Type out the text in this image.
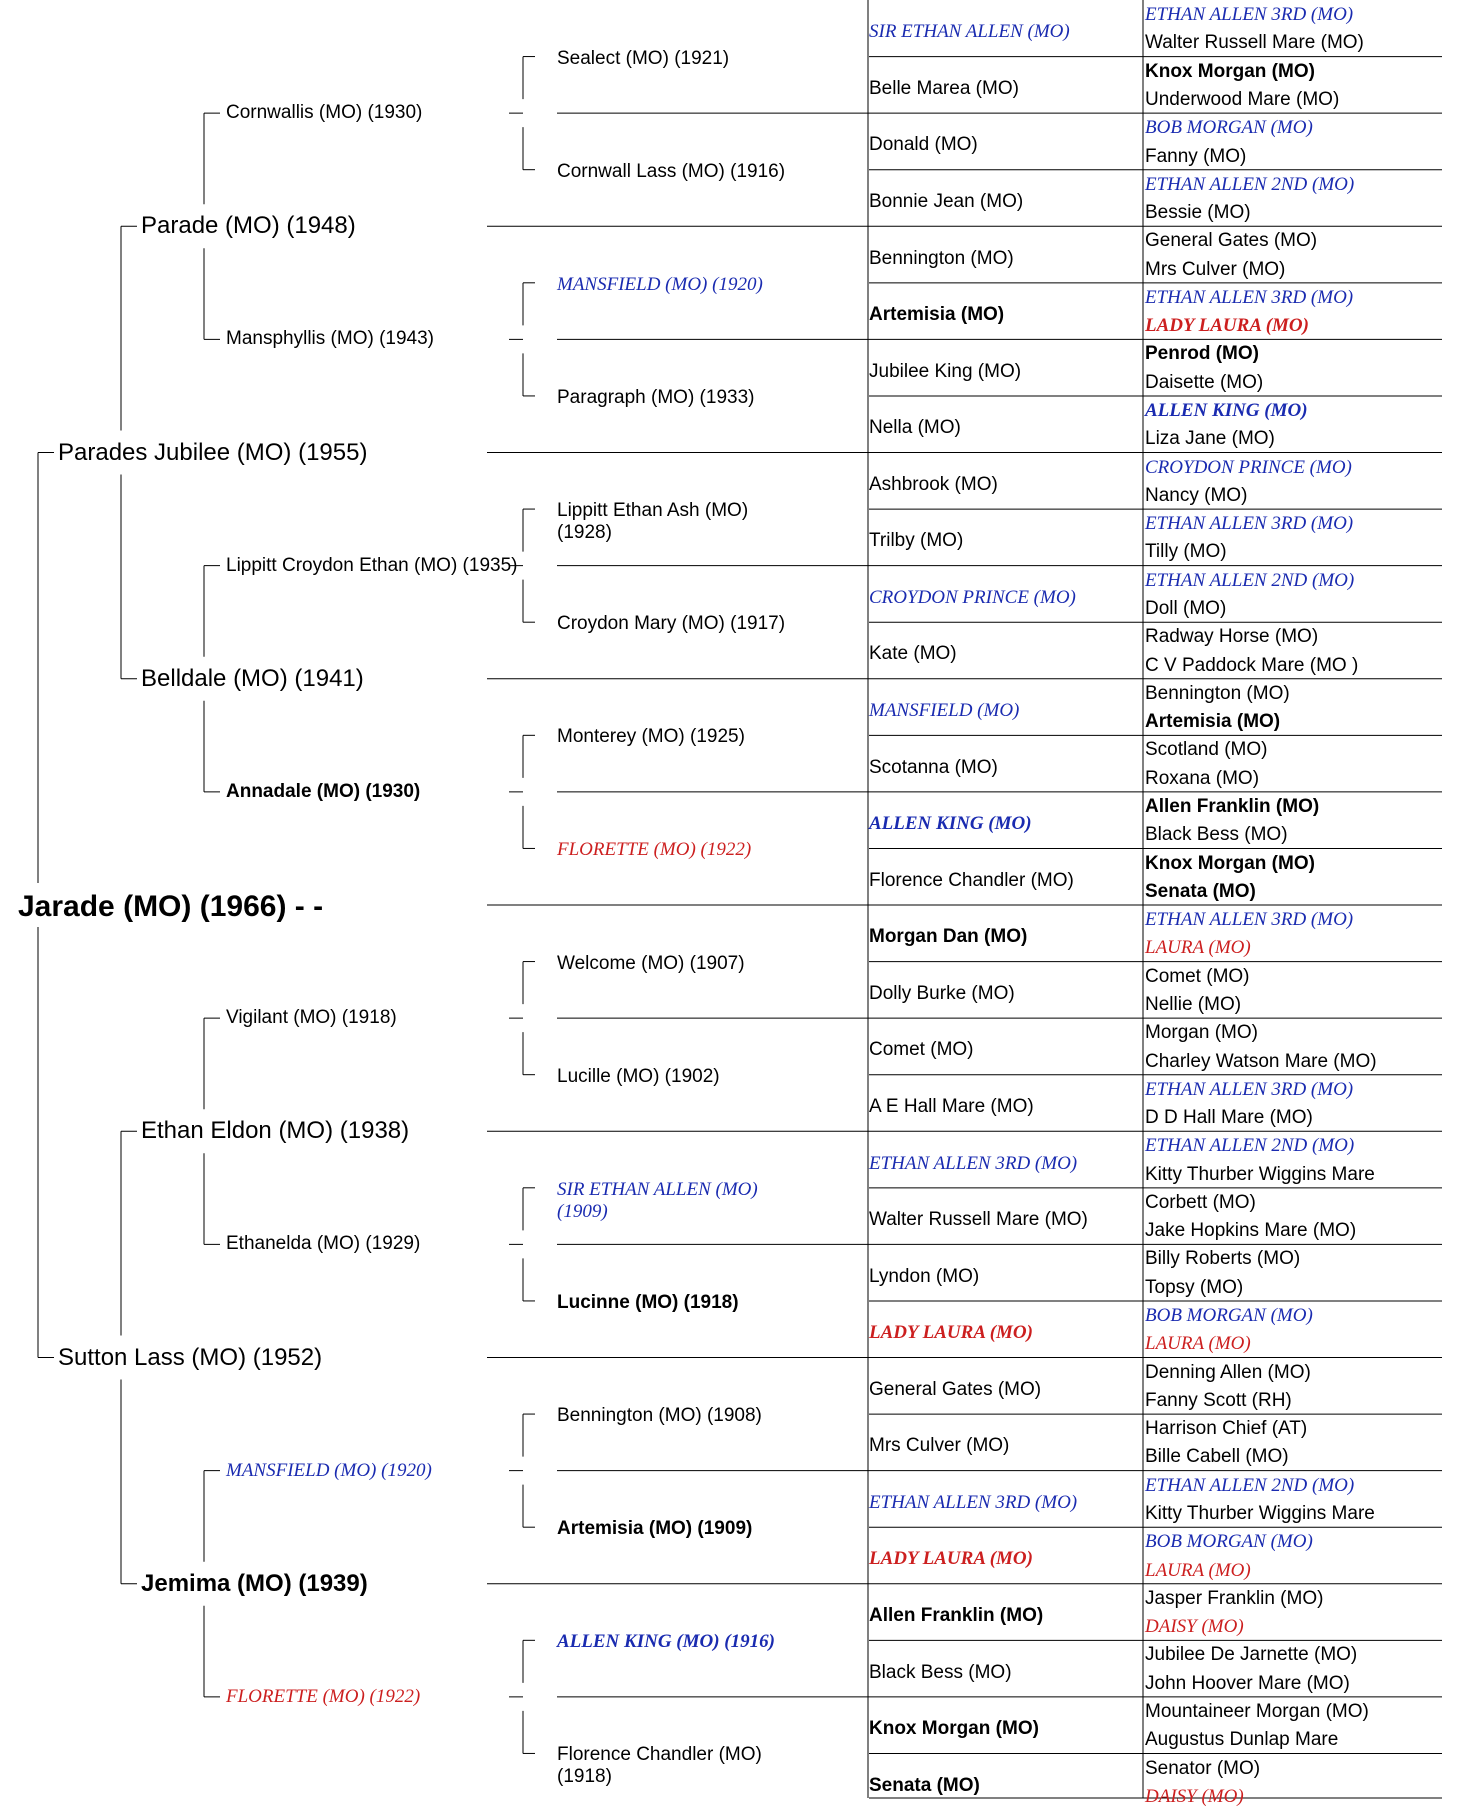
Jarade (MO) (1966) - -
Parades Jubilee (MO) (1955)
Sutton Lass (MO) (1952)
Parade (MO) (1948)
Belldale (MO) (1941)
Ethan Eldon (MO) (1938)
Jemima (MO) (1939)
Cornwallis (MO) (1930)
Mansphyllis (MO) (1943)
Lippitt Croydon Ethan (MO) (1935)
Annadale (MO) (1930)
Vigilant (MO) (1918)
Ethanelda (MO) (1929)
MANSFIELD (MO) (1920)
FLORETTE (MO) (1922)
Sealect (MO) (1921)
Cornwall Lass (MO) (1916)
MANSFIELD (MO) (1920)
Paragraph (MO) (1933)
Lippitt Ethan Ash (MO)
(1928)
Croydon Mary (MO) (1917)
Monterey (MO) (1925)
FLORETTE (MO) (1922)
Welcome (MO) (1907)
Lucille (MO) (1902)
SIR ETHAN ALLEN (MO)
(1909)
Lucinne (MO) (1918)
Bennington (MO) (1908)
Artemisia (MO) (1909)
ALLEN KING (MO) (1916)
Florence Chandler (MO)
(1918)
SIR ETHAN ALLEN (MO)
Belle Marea (MO)
Donald (MO)
Bonnie Jean (MO)
Bennington (MO)
Artemisia (MO)
Jubilee King (MO)
Nella (MO)
Ashbrook (MO)
Trilby (MO)
CROYDON PRINCE (MO)
Kate (MO)
MANSFIELD (MO)
Scotanna (MO)
ALLEN KING (MO)
Florence Chandler (MO)
Morgan Dan (MO)
Dolly Burke (MO)
Comet (MO)
A E Hall Mare (MO)
ETHAN ALLEN 3RD (MO)
Walter Russell Mare (MO)
Lyndon (MO)
LADY LAURA (MO)
General Gates (MO)
Mrs Culver (MO)
ETHAN ALLEN 3RD (MO)
LADY LAURA (MO)
Allen Franklin (MO)
Black Bess (MO)
Knox Morgan (MO)
Senata (MO)
ETHAN ALLEN 3RD (MO)
Walter Russell Mare (MO)
Knox Morgan (MO)
Underwood Mare (MO)
BOB MORGAN (MO)
Fanny (MO)
ETHAN ALLEN 2ND (MO)
Bessie (MO)
General Gates (MO)
Mrs Culver (MO)
ETHAN ALLEN 3RD (MO)
LADY LAURA (MO)
Penrod (MO)
Daisette (MO)
ALLEN KING (MO)
Liza Jane (MO)
CROYDON PRINCE (MO)
Nancy (MO)
ETHAN ALLEN 3RD (MO)
Tilly (MO)
ETHAN ALLEN 2ND (MO)
Doll (MO)
Radway Horse (MO)
C V Paddock Mare (MO )
Bennington (MO)
Artemisia (MO)
Scotland (MO)
Roxana (MO)
Allen Franklin (MO)
Black Bess (MO)
Knox Morgan (MO)
Senata (MO)
ETHAN ALLEN 3RD (MO)
LAURA (MO)
Comet (MO)
Nellie (MO)
Morgan (MO)
Charley Watson Mare (MO)
ETHAN ALLEN 3RD (MO)
D D Hall Mare (MO)
ETHAN ALLEN 2ND (MO)
Kitty Thurber Wiggins Mare
Corbett (MO)
Jake Hopkins Mare (MO)
Billy Roberts (MO)
Topsy (MO)
BOB MORGAN (MO)
LAURA (MO)
Denning Allen (MO)
Fanny Scott (RH)
Harrison Chief (AT)
Bille Cabell (MO)
ETHAN ALLEN 2ND (MO)
Kitty Thurber Wiggins Mare
BOB MORGAN (MO)
LAURA (MO)
Jasper Franklin (MO)
DAISY (MO)
Jubilee De Jarnette (MO)
John Hoover Mare (MO)
Mountaineer Morgan (MO)
Augustus Dunlap Mare
Senator (MO)
DAISY (MO)
